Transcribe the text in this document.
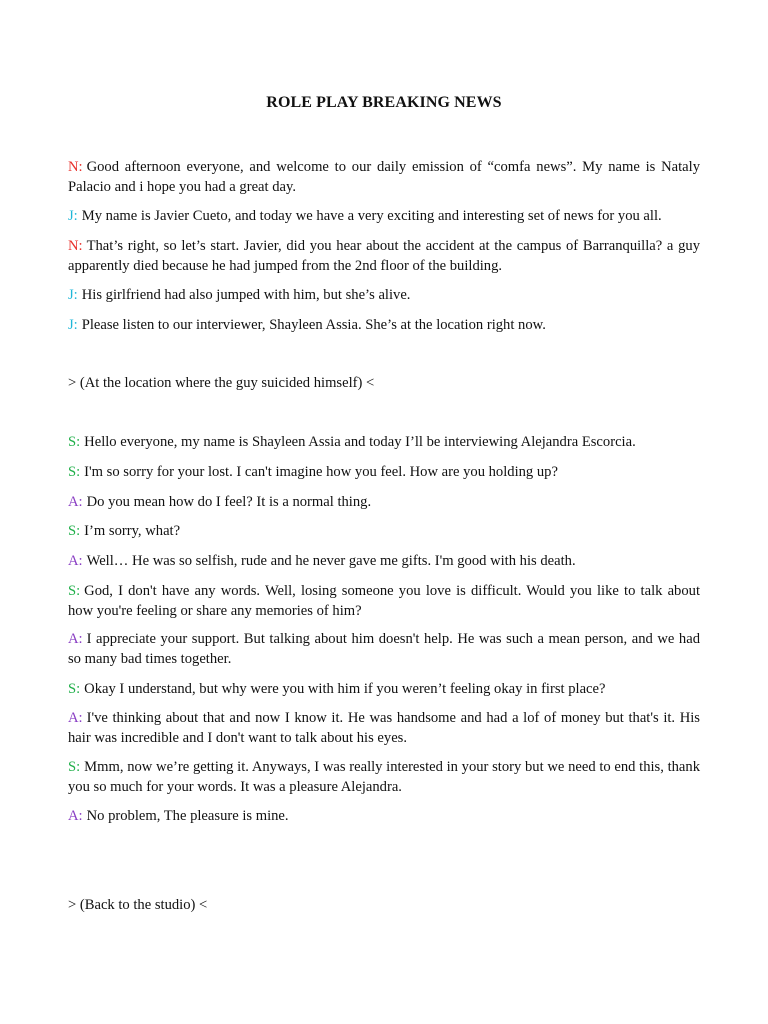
ROLE PLAY BREAKING NEWS
N: Good afternoon everyone, and welcome to our daily emission of “comfa news”. My name is Nataly Palacio and i hope you had a great day.
J: My name is Javier Cueto, and today we have a very exciting and interesting set of news for you all.
N: That’s right, so let’s start. Javier, did you hear about the accident at the campus of Barranquilla? a guy apparently died because he had jumped from the 2nd floor of the building.
J: His girlfriend had also jumped with him, but she’s alive.
J: Please listen to our interviewer, Shayleen Assia. She’s at the location right now.
> (At the location where the guy suicided himself) <
S: Hello everyone, my name is Shayleen Assia and today I’ll be interviewing Alejandra Escorcia.
S: I'm so sorry for your lost. I can't imagine how you feel. How are you holding up?
A: Do you mean how do I feel? It is a normal thing.
S: I’m sorry, what?
A: Well… He was so selfish, rude and he never gave me gifts. I'm good with his death.
S: God, I don't have any words. Well, losing someone you love is difficult. Would you like to talk about how you're feeling or share any memories of him?
A: I appreciate your support. But talking about him doesn't help. He was such a mean person, and we had so many bad times together.
S: Okay I understand, but why were you with him if you weren’t feeling okay in first place?
A: I've thinking about that and now I know it. He was handsome and had a lof of money but that's it. His hair was incredible and I don't want to talk about his eyes.
S: Mmm, now we’re getting it. Anyways, I was really interested in your story but we need to end this, thank you so much for your words. It was a pleasure Alejandra.
A: No problem, The pleasure is mine.
> (Back to the studio) <
